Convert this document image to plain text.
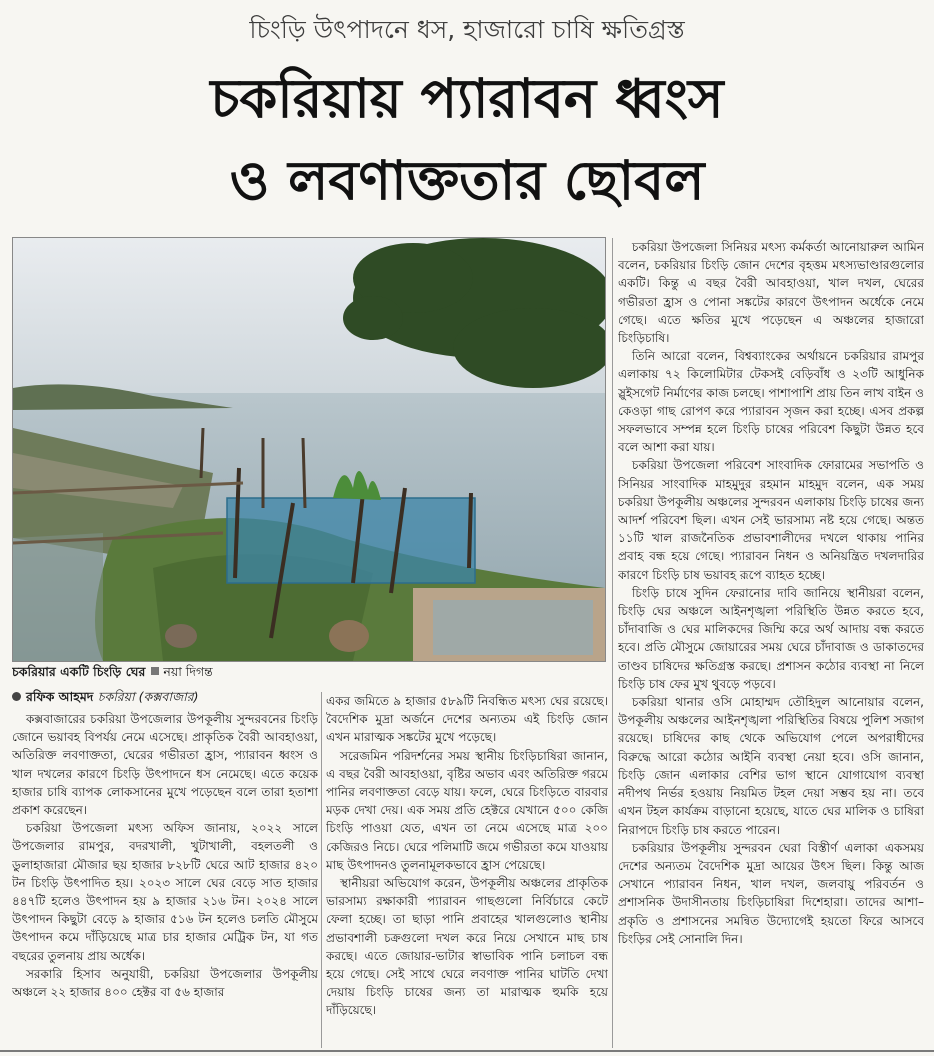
চিংড়ি উৎপাদনে ধস, হাজারো চাষি ক্ষতিগ্রস্ত
চকরিয়ায় প্যারাবন ধ্বংস
ও লবণাক্ততার ছোবল
চকরিয়ার একটি চিংড়ি ঘের নয়া দিগন্ত
রফিক আহমদ চকরিয়া (কক্সবাজার)

কক্সবাজারের চকরিয়া উপজেলার উপকূলীয় সুন্দরবনের চিংড়ি জোনে ভয়াবহ বিপর্যয় নেমে এসেছে। প্রাকৃতিক বৈরী আবহাওয়া, অতিরিক্ত লবণাক্ততা, ঘেরের গভীরতা হ্রাস, প্যারাবন ধ্বংস ও খাল দখলের কারণে চিংড়ি উৎপাদনে ধস নেমেছে। এতে কয়েক হাজার চাষি ব্যাপক লোকসানের মুখে পড়েছেন বলে তারা হতাশা প্রকাশ করেছেন।

চকরিয়া উপজেলা মৎস্য অফিস জানায়, ২০২২ সালে উপজেলার রামপুর, বদরখালী, খুটাখালী, বহলতলী ও ডুলাহাজারা মৌজার ছয় হাজার ৮২৮টি ঘেরে আট হাজার ৪২০ টন চিংড়ি উৎপাদিত হয়। ২০২৩ সালে ঘের বেড়ে সাত হাজার ৪৪৭টি হলেও উৎপাদন হয় ৯ হাজার ২১৬ টন। ২০২৪ সালে উৎপাদন কিছুটা বেড়ে ৯ হাজার ৫১৬ টন হলেও চলতি মৌসুমে উৎপাদন কমে দাঁড়িয়েছে মাত্র চার হাজার মেট্রিক টন, যা গত বছরের তুলনায় প্রায় অর্ধেক।

সরকারি হিসাব অনুযায়ী, চকরিয়া উপজেলার উপকূলীয় অঞ্চলে ২২ হাজার ৪০০ হেক্টর বা ৫৬ হাজার

একর জমিতে ৯ হাজার ৫৮৯টি নিবন্ধিত মৎস্য ঘের রয়েছে। বৈদেশিক মুদ্রা অর্জনে দেশের অন্যতম এই চিংড়ি জোন এখন মারাত্মক সঙ্কটের মুখে পড়েছে।

সরেজমিন পরিদর্শনের সময় স্থানীয় চিংড়িচাষিরা জানান, এ বছর বৈরী আবহাওয়া, বৃষ্টির অভাব এবং অতিরিক্ত গরমে পানির লবণাক্ততা বেড়ে যায়। ফলে, ঘেরে চিংড়িতে বারবার মড়ক দেখা দেয়। এক সময় প্রতি হেক্টরে যেখানে ৫০০ কেজি চিংড়ি পাওয়া যেত, এখন তা নেমে এসেছে মাত্র ২০০ কেজিরও নিচে। ঘেরে পলিমাটি জমে গভীরতা কমে যাওয়ায় মাছ উৎপাদনও তুলনামূলকভাবে হ্রাস পেয়েছে।

স্থানীয়রা অভিযোগ করেন, উপকূলীয় অঞ্চলের প্রাকৃতিক ভারসাম্য রক্ষাকারী প্যারাবন গাছগুলো নির্বিচারে কেটে ফেলা হচ্ছে। তা ছাড়া পানি প্রবাহের খালগুলোও স্থানীয় প্রভাবশালী চক্রগুলো দখল করে নিয়ে সেখানে মাছ চাষ করছে। এতে জোয়ার-ভাটার স্বাভাবিক পানি চলাচল বন্ধ হয়ে গেছে। সেই সাথে ঘেরে লবণাক্ত পানির ঘাটতি দেখা দেয়ায় চিংড়ি চাষের জন্য তা মারাত্মক হুমকি হয়ে দাঁড়িয়েছে।

চকরিয়া উপজেলা সিনিয়র মৎস্য কর্মকর্তা আনোয়ারুল আমিন বলেন, চকরিয়ার চিংড়ি জোন দেশের বৃহত্তম মৎস্যভাণ্ডারগুলোর একটি। কিন্তু এ বছর বৈরী আবহাওয়া, খাল দখল, ঘেরের গভীরতা হ্রাস ও পোনা সঙ্কটের কারণে উৎপাদন অর্ধেকে নেমে গেছে। এতে ক্ষতির মুখে পড়েছেন এ অঞ্চলের হাজারো চিংড়িচাষি।

তিনি আরো বলেন, বিশ্বব্যাংকের অর্থায়নে চকরিয়ার রামপুর এলাকায় ৭২ কিলোমিটার টেকসই বেড়িবাঁধ ও ২৩টি আধুনিক স্লুইসগেট নির্মাণের কাজ চলছে। পাশাপাশি প্রায় তিন লাখ বাইন ও কেওড়া গাছ রোপণ করে প্যারাবন সৃজন করা হচ্ছে। এসব প্রকল্প সফলভাবে সম্পন্ন হলে চিংড়ি চাষের পরিবেশ কিছুটা উন্নত হবে বলে আশা করা যায়।

চকরিয়া উপজেলা পরিবেশ সাংবাদিক ফোরামের সভাপতি ও সিনিয়র সাংবাদিক মাহমুদুর রহমান মাহমুদ বলেন, এক সময় চকরিয়া উপকূলীয় অঞ্চলের সুন্দরবন এলাকায় চিংড়ি চাষের জন্য আদর্শ পরিবেশ ছিল। এখন সেই ভারসাম্য নষ্ট হয়ে গেছে। অন্তত ১১টি খাল রাজনৈতিক প্রভাবশালীদের দখলে থাকায় পানির প্রবাহ বন্ধ হয়ে গেছে। প্যারাবন নিধন ও অনিয়ন্ত্রিত দখলদারির কারণে চিংড়ি চাষ ভয়াবহ রূপে ব্যাহত হচ্ছে।

চিংড়ি চাষে সুদিন ফেরানোর দাবি জানিয়ে স্থানীয়রা বলেন, চিংড়ি ঘের অঞ্চলে আইনশৃঙ্খলা পরিস্থিতি উন্নত করতে হবে, চাঁদাবাজি ও ঘের মালিকদের জিম্মি করে অর্থ আদায় বন্ধ করতে হবে। প্রতি মৌসুমে জোয়ারের সময় ঘেরে চাঁদাবাজ ও ডাকাতদের তাণ্ডব চাষিদের ক্ষতিগ্রস্ত করছে। প্রশাসন কঠোর ব্যবস্থা না নিলে চিংড়ি চাষ ফের মুখ থুবড়ে পড়বে।

চকরিয়া থানার ওসি মোহাম্মদ তৌহিদুল আনোয়ার বলেন, উপকূলীয় অঞ্চলের আইনশৃঙ্খলা পরিস্থিতির বিষয়ে পুলিশ সজাগ রয়েছে। চাষিদের কাছ থেকে অভিযোগ পেলে অপরাধীদের বিরুদ্ধে আরো কঠোর আইনি ব্যবস্থা নেয়া হবে। ওসি জানান, চিংড়ি জোন এলাকার বেশির ভাগ স্থানে যোগাযোগ ব্যবস্থা নদীপথ নির্ভর হওয়ায় নিয়মিত টহল দেয়া সম্ভব হয় না। তবে এখন টহল কার্যক্রম বাড়ানো হয়েছে, যাতে ঘের মালিক ও চাষিরা নিরাপদে চিংড়ি চাষ করতে পারেন।

চকরিয়ার উপকূলীয় সুন্দরবন ঘেরা বিস্তীর্ণ এলাকা একসময় দেশের অন্যতম বৈদেশিক মুদ্রা আয়ের উৎস ছিল। কিন্তু আজ সেখানে প্যারাবন নিধন, খাল দখল, জলবায়ু পরিবর্তন ও প্রশাসনিক উদাসীনতায় চিংড়িচাষিরা দিশেহারা। তাদের আশা– প্রকৃতি ও প্রশাসনের সমন্বিত উদ্যোগেই হয়তো ফিরে আসবে চিংড়ির সেই সোনালি দিন।
